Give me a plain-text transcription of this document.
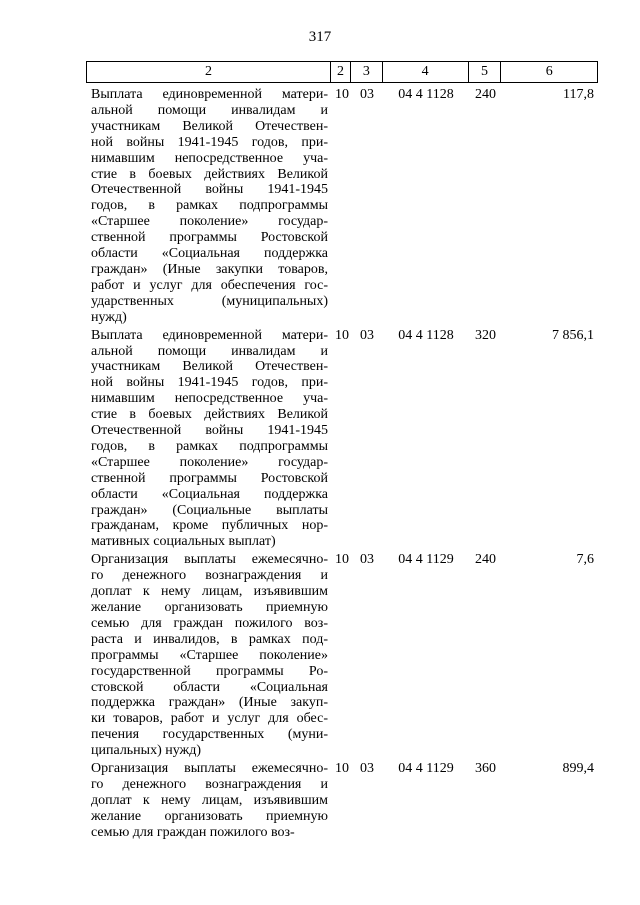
317
2	2	3	4	5	6
Выплата единовременной матери-
альной помощи инвалидам и
участникам Великой Отечествен-
ной войны 1941-1945 годов, при-
нимавшим непосредственное уча-
стие в боевых действиях Великой
Отечественной войны 1941-1945
годов, в рамках подпрограммы
«Старшее поколение» государ-
ственной программы Ростовской
области «Социальная поддержка
граждан» (Иные закупки товаров,
работ и услуг для обеспечения гос-
ударственных (муниципальных)
нужд)
10 03	04 4 1128	240	117,8
Выплата единовременной матери-
альной помощи инвалидам и
участникам Великой Отечествен-
ной войны 1941-1945 годов, при-
нимавшим непосредственное уча-
стие в боевых действиях Великой
Отечественной войны 1941-1945
годов, в рамках подпрограммы
«Старшее поколение» государ-
ственной программы Ростовской
области «Социальная поддержка
граждан» (Социальные выплаты
гражданам, кроме публичных нор-
мативных социальных выплат)
10 03	04 4 1128	320	7 856,1
Организация выплаты ежемесячно-
го денежного вознаграждения и
доплат к нему лицам, изъявившим
желание организовать приемную
семью для граждан пожилого воз-
раста и инвалидов, в рамках под-
программы «Старшее поколение»
государственной программы Ро-
стовской области «Социальная
поддержка граждан» (Иные закуп-
ки товаров, работ и услуг для обес-
печения государственных (муни-
ципальных) нужд)
10 03	04 4 1129	240	7,6
Организация выплаты ежемесячно-
го денежного вознаграждения и
доплат к нему лицам, изъявившим
желание организовать приемную
семью для граждан пожилого воз-
10 03	04 4 1129	360	899,4
